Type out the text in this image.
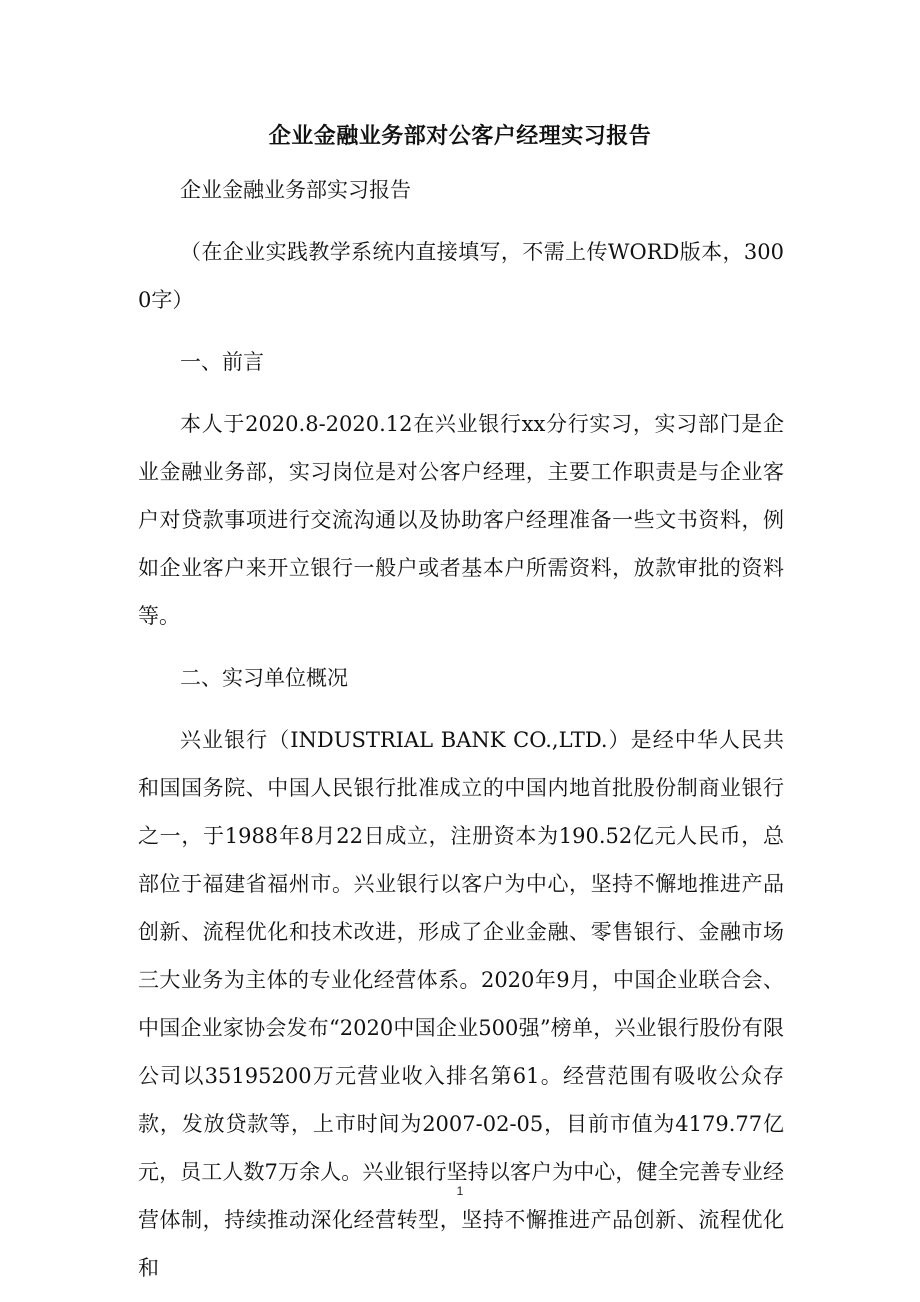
企业金融业务部对公客户经理实习报告

企业金融业务部实习报告

（在企业实践教学系统内直接填写，不需上传WORD版本，3000字）

一、前言

本人于2020.8-2020.12在兴业银行xx分行实习，实习部门是企业金融业务部，实习岗位是对公客户经理，主要工作职责是与企业客户对贷款事项进行交流沟通以及协助客户经理准备一些文书资料，例如企业客户来开立银行一般户或者基本户所需资料，放款审批的资料等。

二、实习单位概况

兴业银行（INDUSTRIAL BANK CO.,LTD.）是经中华人民共和国国务院、中国人民银行批准成立的中国内地首批股份制商业银行之一，于1988年8月22日成立，注册资本为190.52亿元人民币，总部位于福建省福州市。兴业银行以客户为中心，坚持不懈地推进产品创新、流程优化和技术改进，形成了企业金融、零售银行、金融市场三大业务为主体的专业化经营体系。2020年9月，中国企业联合会、中国企业家协会发布“2020中国企业500强”榜单，兴业银行股份有限公司以35195200万元营业收入排名第61。经营范围有吸收公众存款，发放贷款等，上市时间为2007-02-05，目前市值为4179.77亿元，员工人数7万余人。兴业银行坚持以客户为中心，健全完善专业经营体制，持续推动深化经营转型，坚持不懈推进产品创新、流程优化和

1
